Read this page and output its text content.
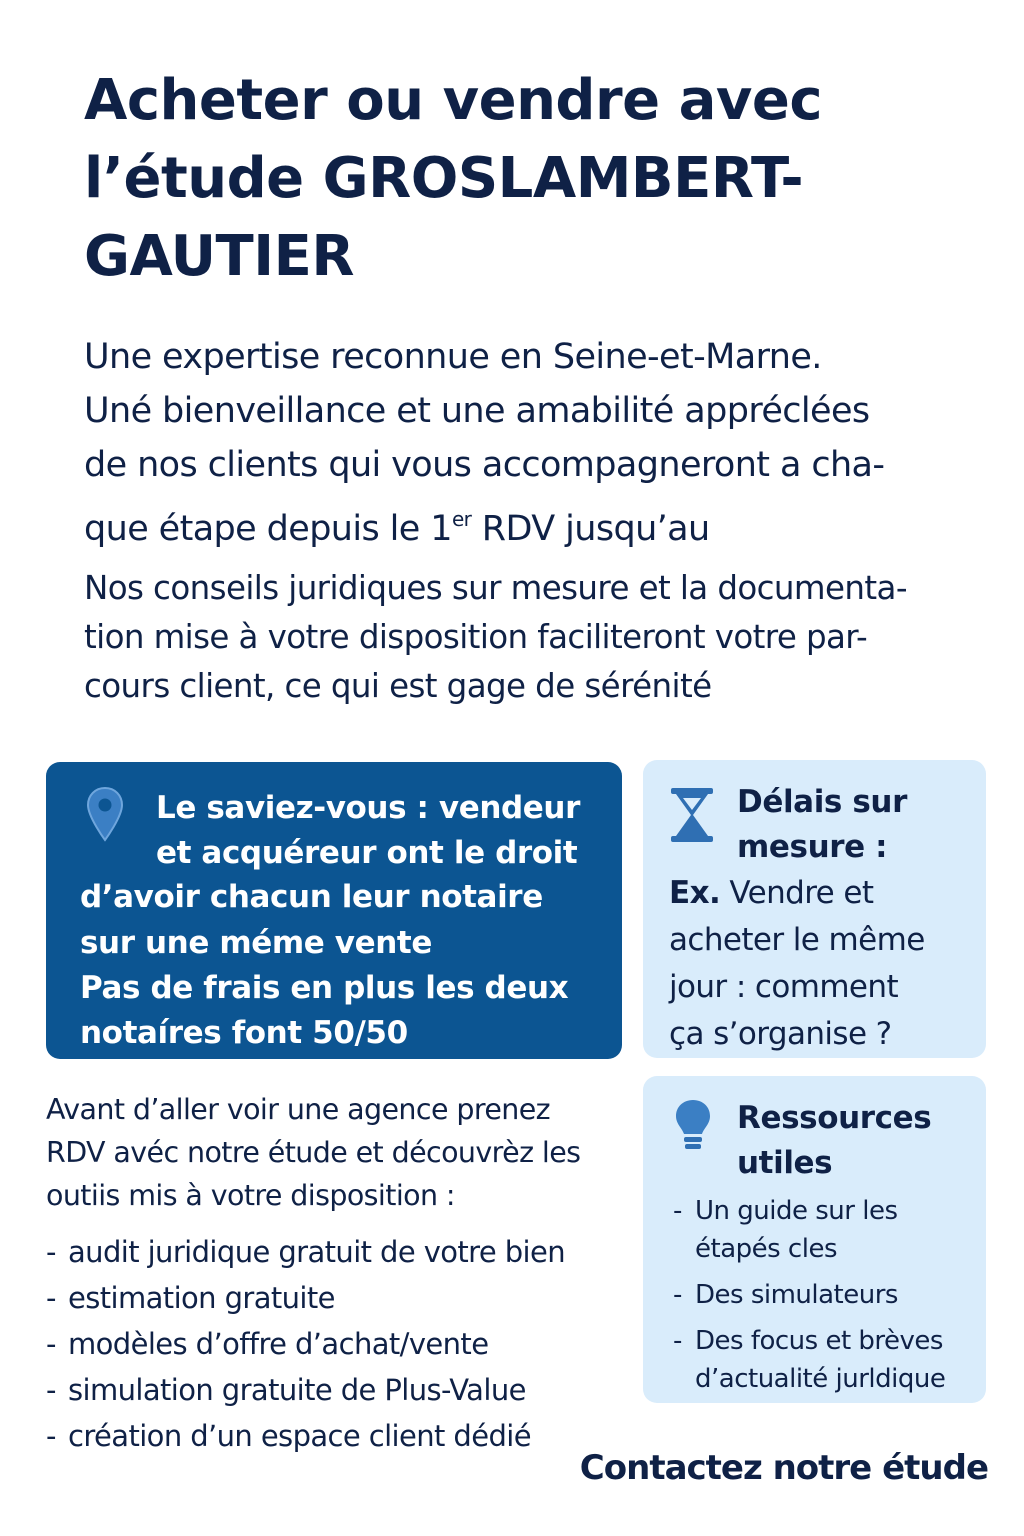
Acheter ou vendre avec
l’étude GROSLAMBERT-
GAUTIER

Une expertise reconnue en Seine-et-Marne.
Uné bienveillance et une amabilité appréclées
de nos clients qui vous accompagneront a cha-
que étape depuis le 1er RDV jusqu’au

Nos conseils juridiques sur mesure et la documenta-
tion mise à votre disposition faciliteront votre par-
cours client, ce qui est gage de sérénité

Le saviez-vous : vendeur
et acquéreur ont le droit
d’avoir chacun leur notaire
sur une méme vente
Pas de frais en plus les deux
notaíres font 50/50
Délais sur
mesure :
Ex. Vendre et
acheter le même
jour : comment
ça s’organise ?
Ressources
utiles
- Un guide sur les
étapés cles
- Des simulateurs
- Des focus et brèves
d’actualité jurldique

Avant d’aller voir une agence prenez
RDV avéc notre étude et découvrèz les
outiis mis à votre disposition :

- audit juridique gratuit de votre bien
- estimation gratuite
- modèles d’offre d’achat/vente
- simulation gratuite de Plus-Value
- création d’un espace client dédié
Contactez notre étude
